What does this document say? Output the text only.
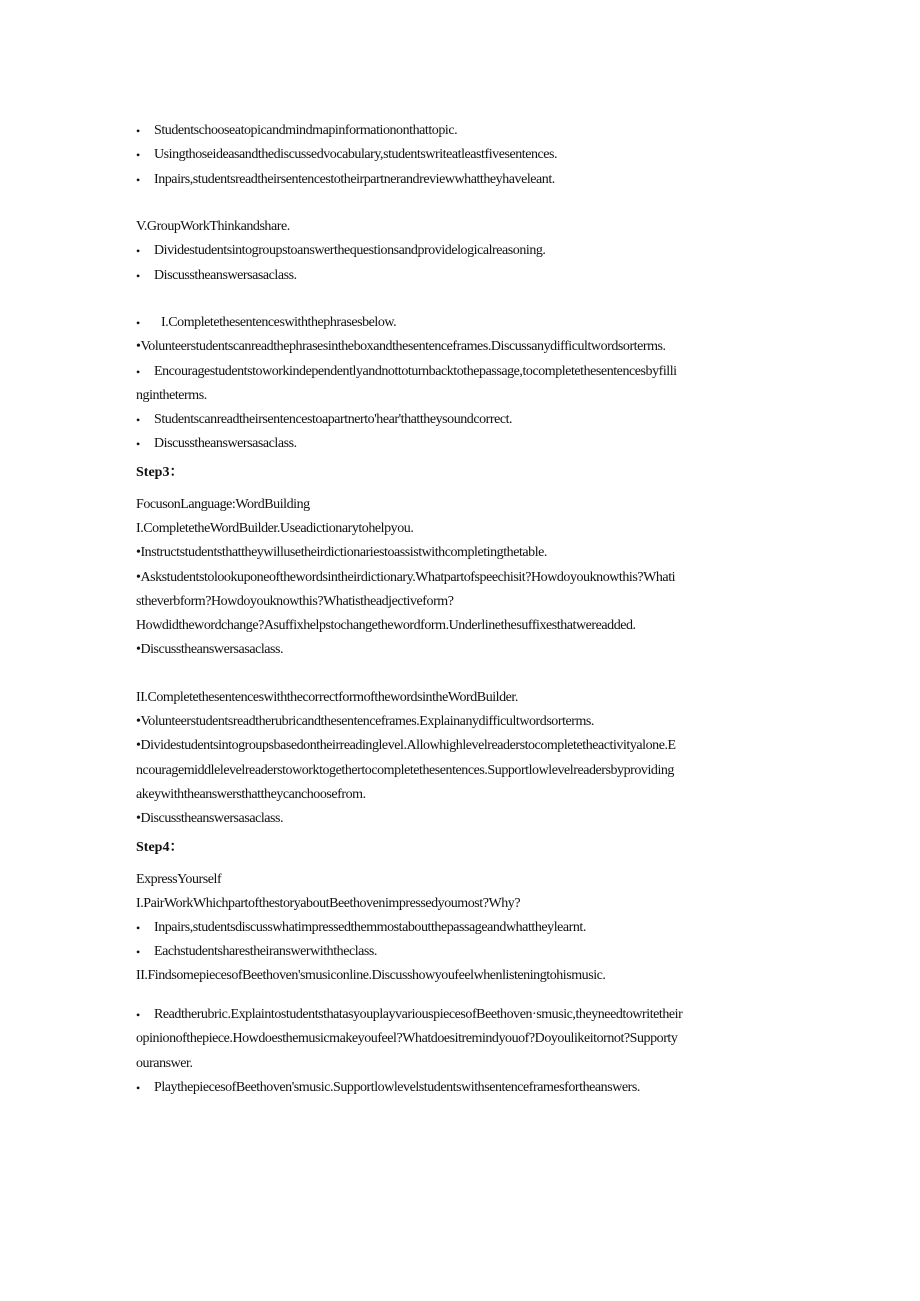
• Studentschooseatopicandmindmapinformationonthattopic.
• Usingthoseideasandthediscussedvocabulary,studentswriteatleastfivesentences.
• Inpairs,studentsreadtheirsentencestotheirpartnerandreviewwhattheyhaveleant.
V.GroupWorkThinkandshare.
• Dividestudentsintogroupstoanswerthequestionsandprovidelogicalreasoning.
• Discusstheanswersasaclass.
• I.Completethesentenceswiththephrasesbelow.
•Volunteerstudentscanreadthephrasesintheboxandthesentenceframes.Discussanydifficultwordsorterms.
• Encouragestudentstoworkindependentlyandnottoturnbacktothepassage,tocompletethesentencesbyfilli
ngintheterms.
• Studentscanreadtheirsentencestoapartnerto'hear'thattheysoundcorrect.
• Discusstheanswersasaclass.
Step3：
FocusonLanguage:WordBuilding
I.CompletetheWordBuilder.Useadictionarytohelpyou.
•Instructstudentsthattheywillusetheirdictionariestoassistwithcompletingthetable.
•Askstudentstolookuponeofthewordsintheirdictionary.Whatpartofspeechisit?Howdoyouknowthis?Whati
stheverbform?Howdoyouknowthis?Whatistheadjectiveform?
Howdidthewordchange?Asuffixhelpstochangethewordform.Underlinethesuffixesthatwereadded.
•Discusstheanswersasaclass.
II.CompletethesentenceswiththecorrectformofthewordsintheWordBuilder.
•Volunteerstudentsreadtherubricandthesentenceframes.Explainanydifficultwordsorterms.
•Dividestudentsintogroupsbasedontheirreadinglevel.Allowhighlevelreaderstocompletetheactivityalone.E
ncouragemiddlelevelreaderstoworktogethertocompletethesentences.Supportlowlevelreadersbyproviding
akeywiththeanswersthattheycanchoosefrom.
•Discusstheanswersasaclass.
Step4：
ExpressYourself
I.PairWorkWhichpartofthestoryaboutBeethovenimpressedyoumost?Why?
• Inpairs,studentsdiscusswhatimpressedthemmostaboutthepassageandwhattheylearnt.
• Eachstudentsharestheiranswerwiththeclass.
II.FindsomepiecesofBeethoven'smusiconline.Discusshowyoufeelwhenlisteningtohismusic.
• Readtherubric.ExplaintostudentsthatasyouplayvariouspiecesofBeethoven·smusic,theyneedtowritetheir
opinionofthepiece.Howdoesthemusicmakeyoufeel?Whatdoesitremindyouof?Doyoulikeitornot?Supporty
ouranswer.
• PlaythepiecesofBeethoven'smusic.Supportlowlevelstudentswithsentenceframesfortheanswers.
